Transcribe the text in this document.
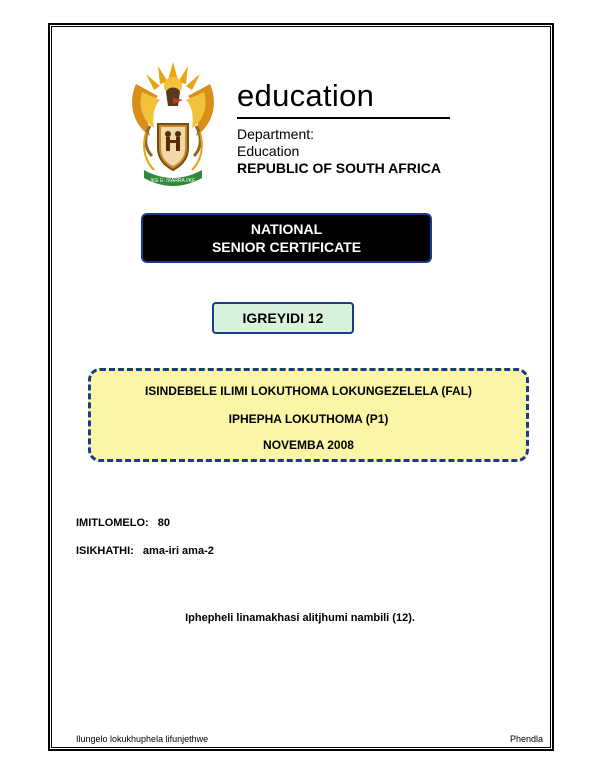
!KE E: /XARRA //KE
education
Department:
Education
REPUBLIC OF SOUTH AFRICA
NATIONAL
SENIOR CERTIFICATE
IGREYIDI 12
ISINDEBELE ILIMI LOKUTHOMA LOKUNGEZELELA (FAL)
IPHEPHA LOKUTHOMA (P1)
NOVEMBA 2008
IMITLOMELO: 80
ISIKHATHI: ama-iri ama-2
Iphepheli linamakhasi alitjhumi nambili (12).
Ilungelo lokukhuphela lifunjethwe	Phendla
